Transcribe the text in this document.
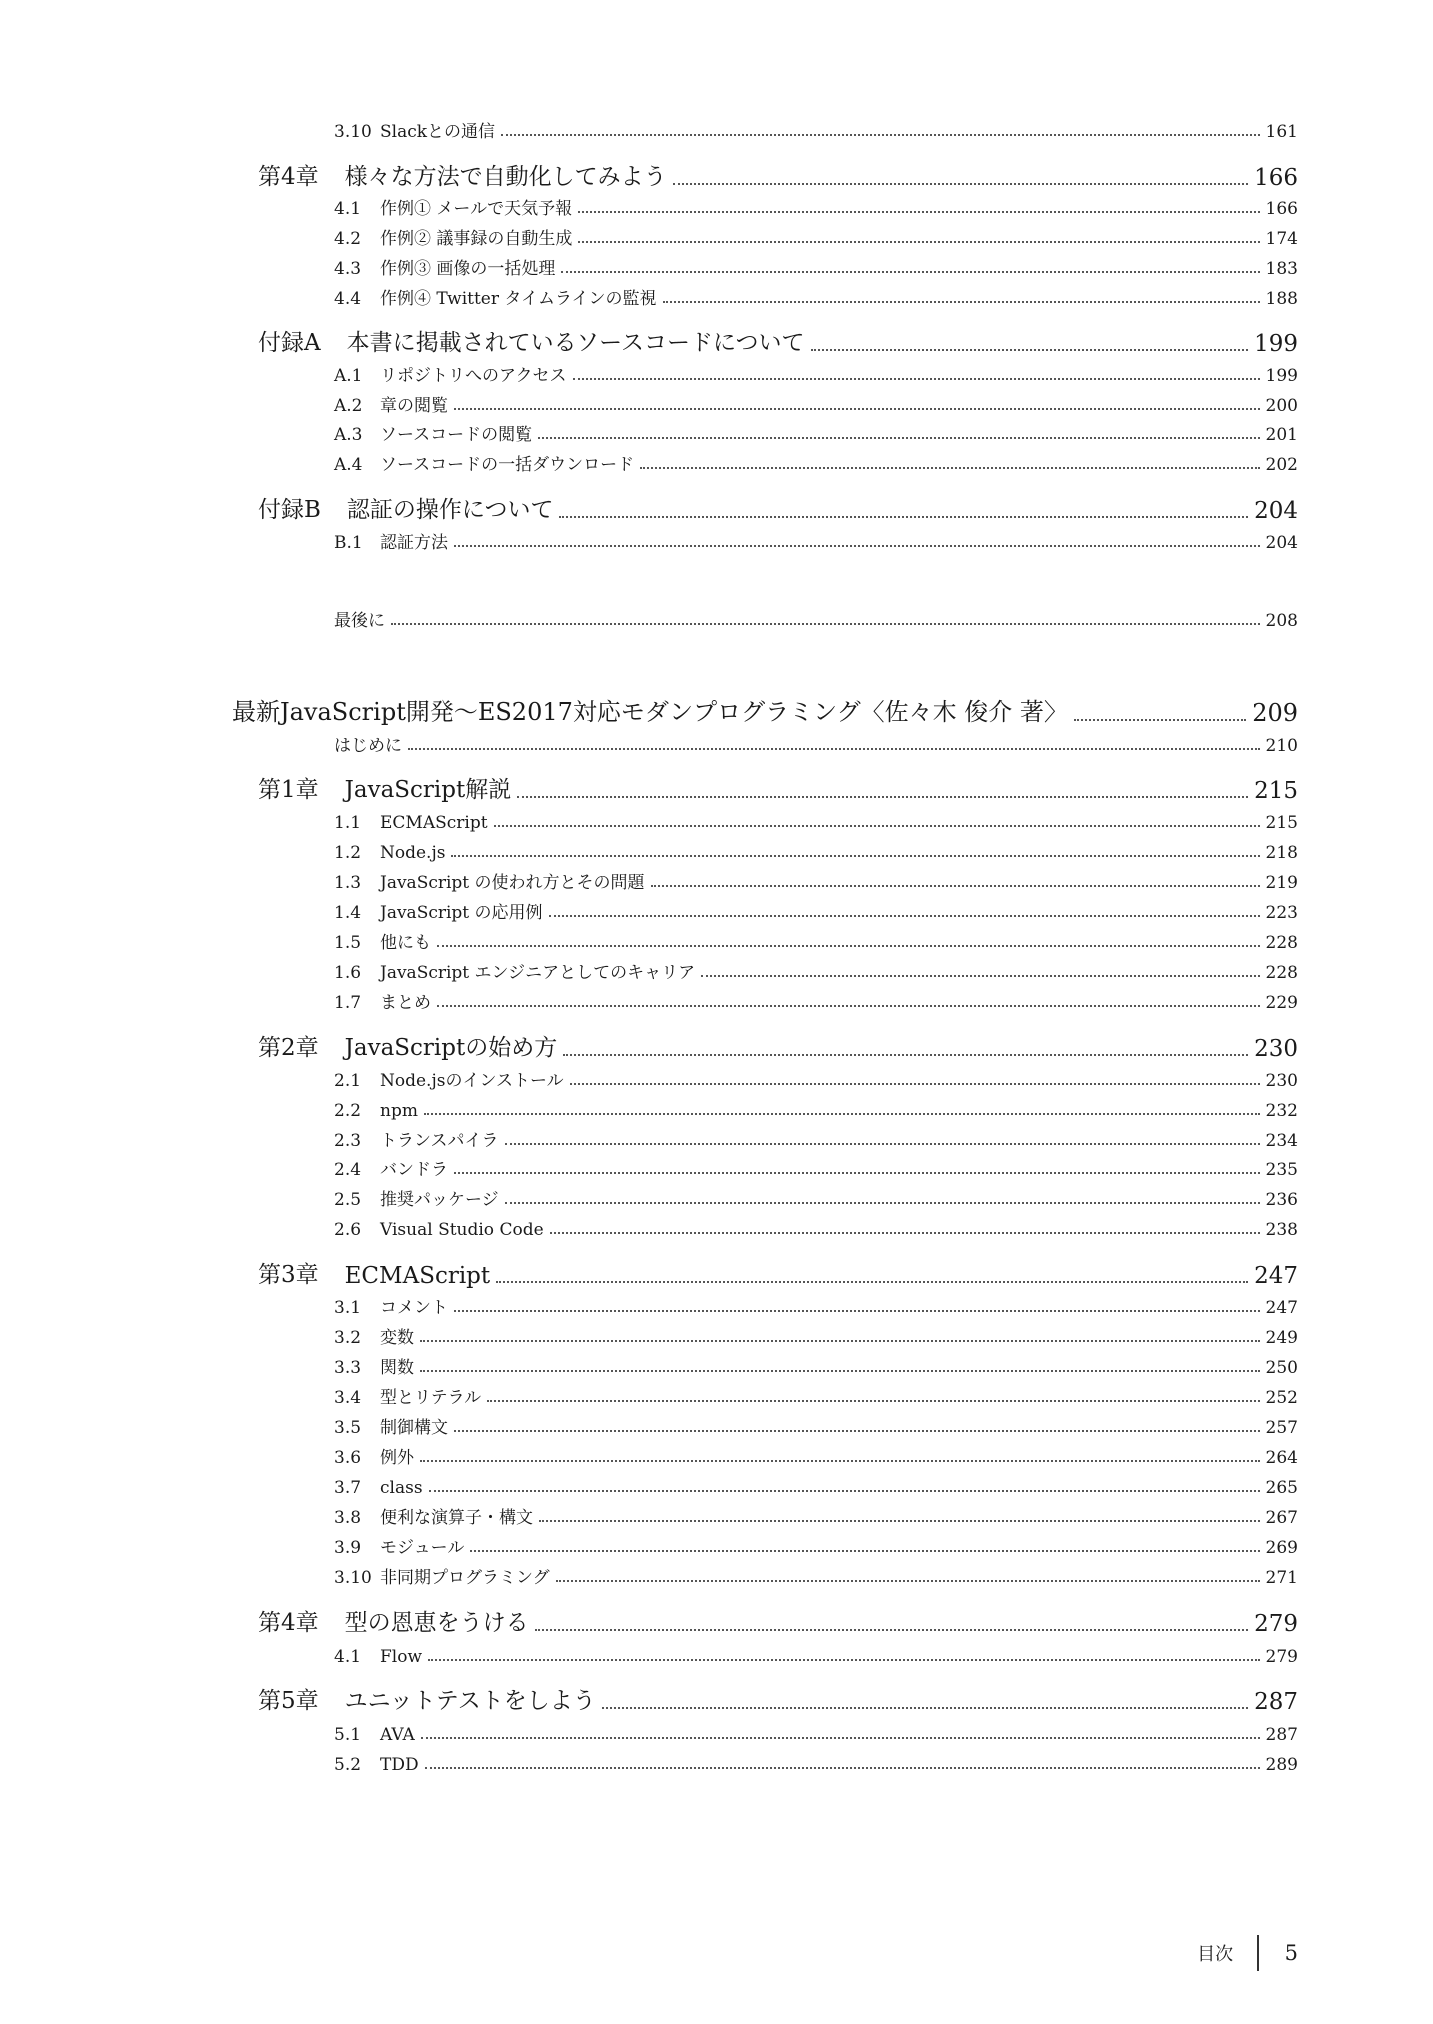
3.10 Slackとの通信	161
第4章 様々な方法で自動化してみよう	166
4.1	作例① メールで天気予報	166
4.2	作例② 議事録の自動生成	174
4.3	作例③ 画像の一括処理	183
4.4	作例④ Twitter タイムラインの監視	188
付録A 本書に掲載されているソースコードについて	199
A.1	リポジトリへのアクセス	199
A.2	章の閲覧	200
A.3	ソースコードの閲覧	201
A.4	ソースコードの一括ダウンロード	202
付録B 認証の操作について	204
B.1	認証方法	204
最後に	208
最新JavaScript開発～ES2017対応モダンプログラミング〈佐々木 俊介 著〉	209
はじめに	210
第1章 JavaScript解説	215
1.1	ECMAScript	215
1.2	Node.js	218
1.3	JavaScript の使われ方とその問題	219
1.4	JavaScript の応用例	223
1.5	他にも	228
1.6	JavaScript エンジニアとしてのキャリア	228
1.7	まとめ	229
第2章 JavaScriptの始め方	230
2.1	Node.jsのインストール	230
2.2	npm	232
2.3	トランスパイラ	234
2.4	バンドラ	235
2.5	推奨パッケージ	236
2.6	Visual Studio Code	238
第3章 ECMAScript	247
3.1	コメント	247
3.2	変数	249
3.3	関数	250
3.4	型とリテラル	252
3.5	制御構文	257
3.6	例外	264
3.7	class	265
3.8	便利な演算子・構文	267
3.9	モジュール	269
3.10 非同期プログラミング	271
第4章 型の恩恵をうける	279
4.1	Flow	279
第5章 ユニットテストをしよう	287
5.1	AVA	287
5.2	TDD	289
目次 5
